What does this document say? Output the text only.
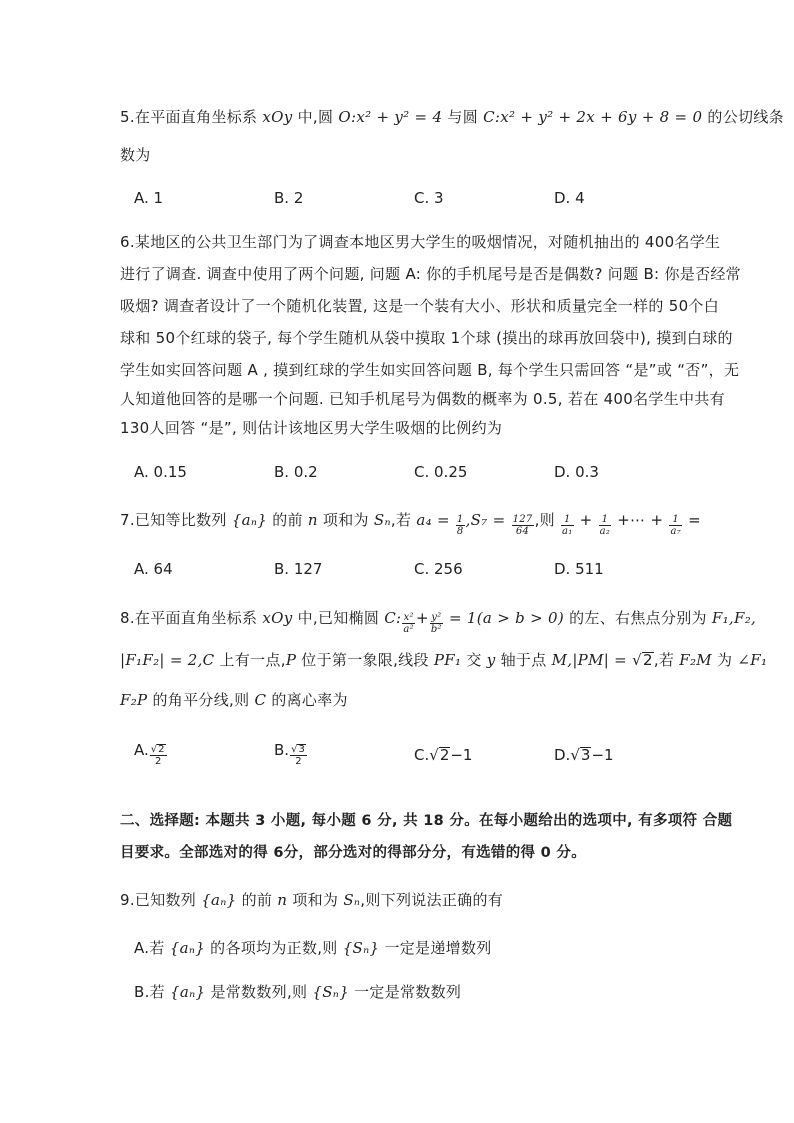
5.在平面直角坐标系 xOy 中,圆 O:x² + y² = 4 与圆 C:x² + y² + 2x + 6y + 8 = 0 的公切线条
数为
A. 1	B. 2	C. 3	D. 4
6.某地区的公共卫生部门为了调查本地区男大学生的吸烟情况，对随机抽出的 400名学生
进行了调查. 调查中使用了两个问题, 问题 A: 你的手机尾号是否是偶数? 问题 B: 你是否经常
吸烟? 调查者设计了一个随机化装置, 这是一个装有大小、形状和质量完全一样的 50个白
球和 50个红球的袋子, 每个学生随机从袋中摸取 1个球 (摸出的球再放回袋中), 摸到白球的
学生如实回答问题 A , 摸到红球的学生如实回答问题 B, 每个学生只需回答 “是”或 “否”，无
人知道他回答的是哪一个问题. 已知手机尾号为偶数的概率为 0.5, 若在 400名学生中共有
130人回答 “是”, 则估计该地区男大学生吸烟的比例约为
A. 0.15	B. 0.2	C. 0.25	D. 0.3
7.已知等比数列 {aₙ} 的前 n 项和为 Sₙ,若 $a_4 = \frac{1}{8} ,S_7 = \frac{127}{64}$ ,则 $\frac{1}{\text{a₁}} + \frac{1}{\text{a₂}}$ +⋯ + $\frac{1}{\text{a₇}}$ =
A. 64	B. 127	C. 256	D. 511
8.在平面直角坐标系 xOy 中,已知椭圆 C: $\frac{\text{x²}}{\text{a²}} + \frac{\text{y²}}{\text{b²}} = 1(a > b > 0)$ 的左、右焦点分别为 F₁,F₂,
|F₁F₂| = 2,C 上有一点,P 位于第一象限,线段 PF₁ 交 y 轴于点 M,|PM| = √2,若 F₂M 为 ∠F₁
F₂P 的角平分线,则 C 的离心率为
A. $\frac{√2}{2}$	B. $\frac{√3}{2}$	C.√2−1	D.√3−1
二、选择题: 本题共 3 小题, 每小题 6 分, 共 18 分。在每小题给出的选项中, 有多项符 合题
目要求。全部选对的得 6分，部分选对的得部分分，有选错的得 0 分。
9.已知数列 {aₙ} 的前 n 项和为 Sₙ,则下列说法正确的有
A.若 {aₙ} 的各项均为正数,则 {Sₙ} 一定是递增数列
B.若 {aₙ} 是常数数列,则 {Sₙ} 一定是常数数列
